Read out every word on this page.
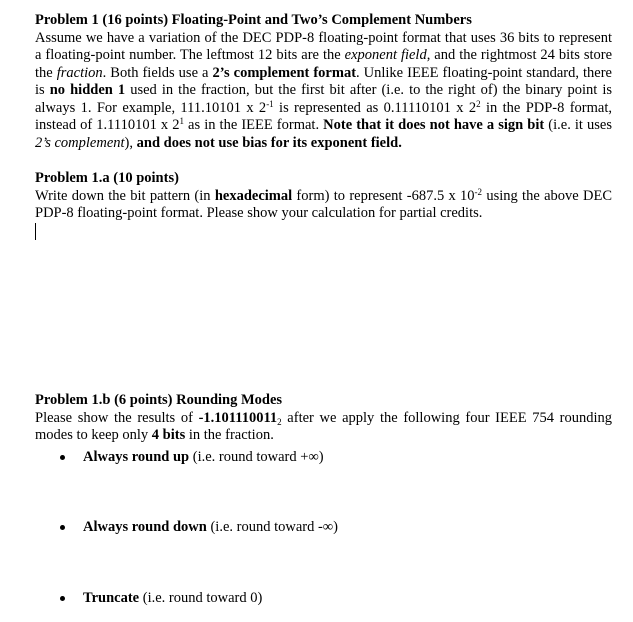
Problem 1 (16 points) Floating-Point and Two’s Complement Numbers

Assume we have a variation of the DEC PDP-8 floating-point format that uses 36 bits to represent a floating-point number. The leftmost 12 bits are the exponent field, and the rightmost 24 bits store the fraction. Both fields use a 2’s complement format. Unlike IEEE floating-point standard, there is no hidden 1 used in the fraction, but the first bit after (i.e. to the right of) the binary point is always 1. For example, 111.10101 x $2^{-1}$ is represented as 0.11110101 x $2^2$ in the PDP-8 format, instead of 1.1110101 x $2^1$ as in the IEEE format. Note that it does not have a sign bit (i.e. it uses 2’s complement), and does not use bias for its exponent field.

Problem 1.a (10 points)

Write down the bit pattern (in hexadecimal form) to represent -687.5 x $10^{-2}$ using the above DEC PDP-8 floating-point format. Please show your calculation for partial credits.

Problem 1.b (6 points) Rounding Modes

Please show the results of $-1.101110011_2$ after we apply the following four IEEE 754 rounding modes to keep only 4 bits in the fraction.

Always round up (i.e. round toward +∞)
Always round down (i.e. round toward -∞)
Truncate (i.e. round toward 0)
